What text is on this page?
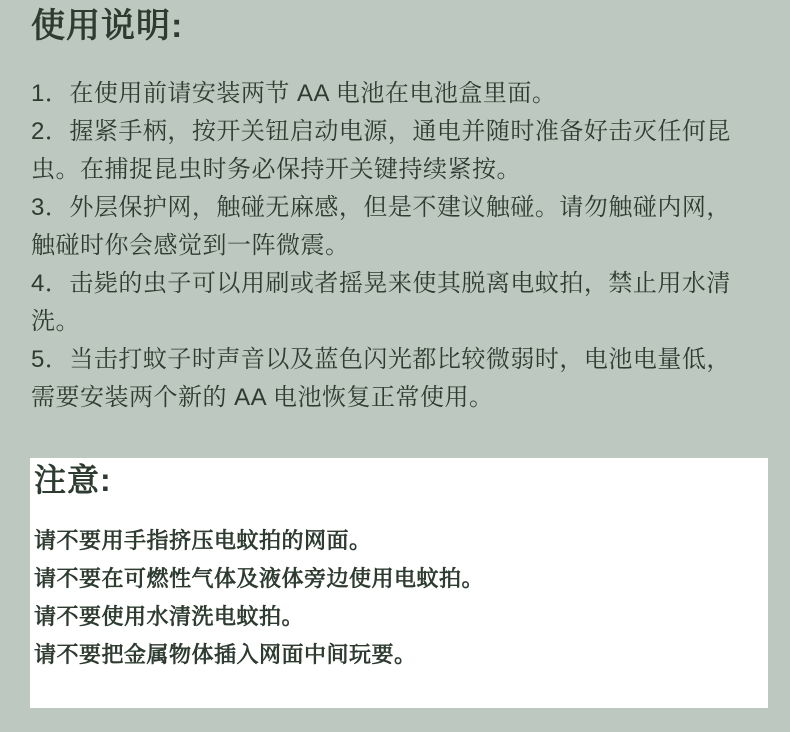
使用说明:

1．在使用前请安装两节 AA 电池在电池盒里面。

2．握紧手柄，按开关钮启动电源，通电并随时准备好击灭任何昆

虫。在捕捉昆虫时务必保持开关键持续紧按。

3．外层保护网，触碰无麻感，但是不建议触碰。请勿触碰内网，

触碰时你会感觉到一阵微震。

4．击毙的虫子可以用刷或者摇晃来使其脱离电蚊拍，禁止用水清

洗。

5．当击打蚊子时声音以及蓝色闪光都比较微弱时，电池电量低，

需要安装两个新的 AA 电池恢复正常使用。

注意:

请不要用手指挤压电蚊拍的网面。

请不要在可燃性气体及液体旁边使用电蚊拍。

请不要使用水清洗电蚊拍。

请不要把金属物体插入网面中间玩要。
